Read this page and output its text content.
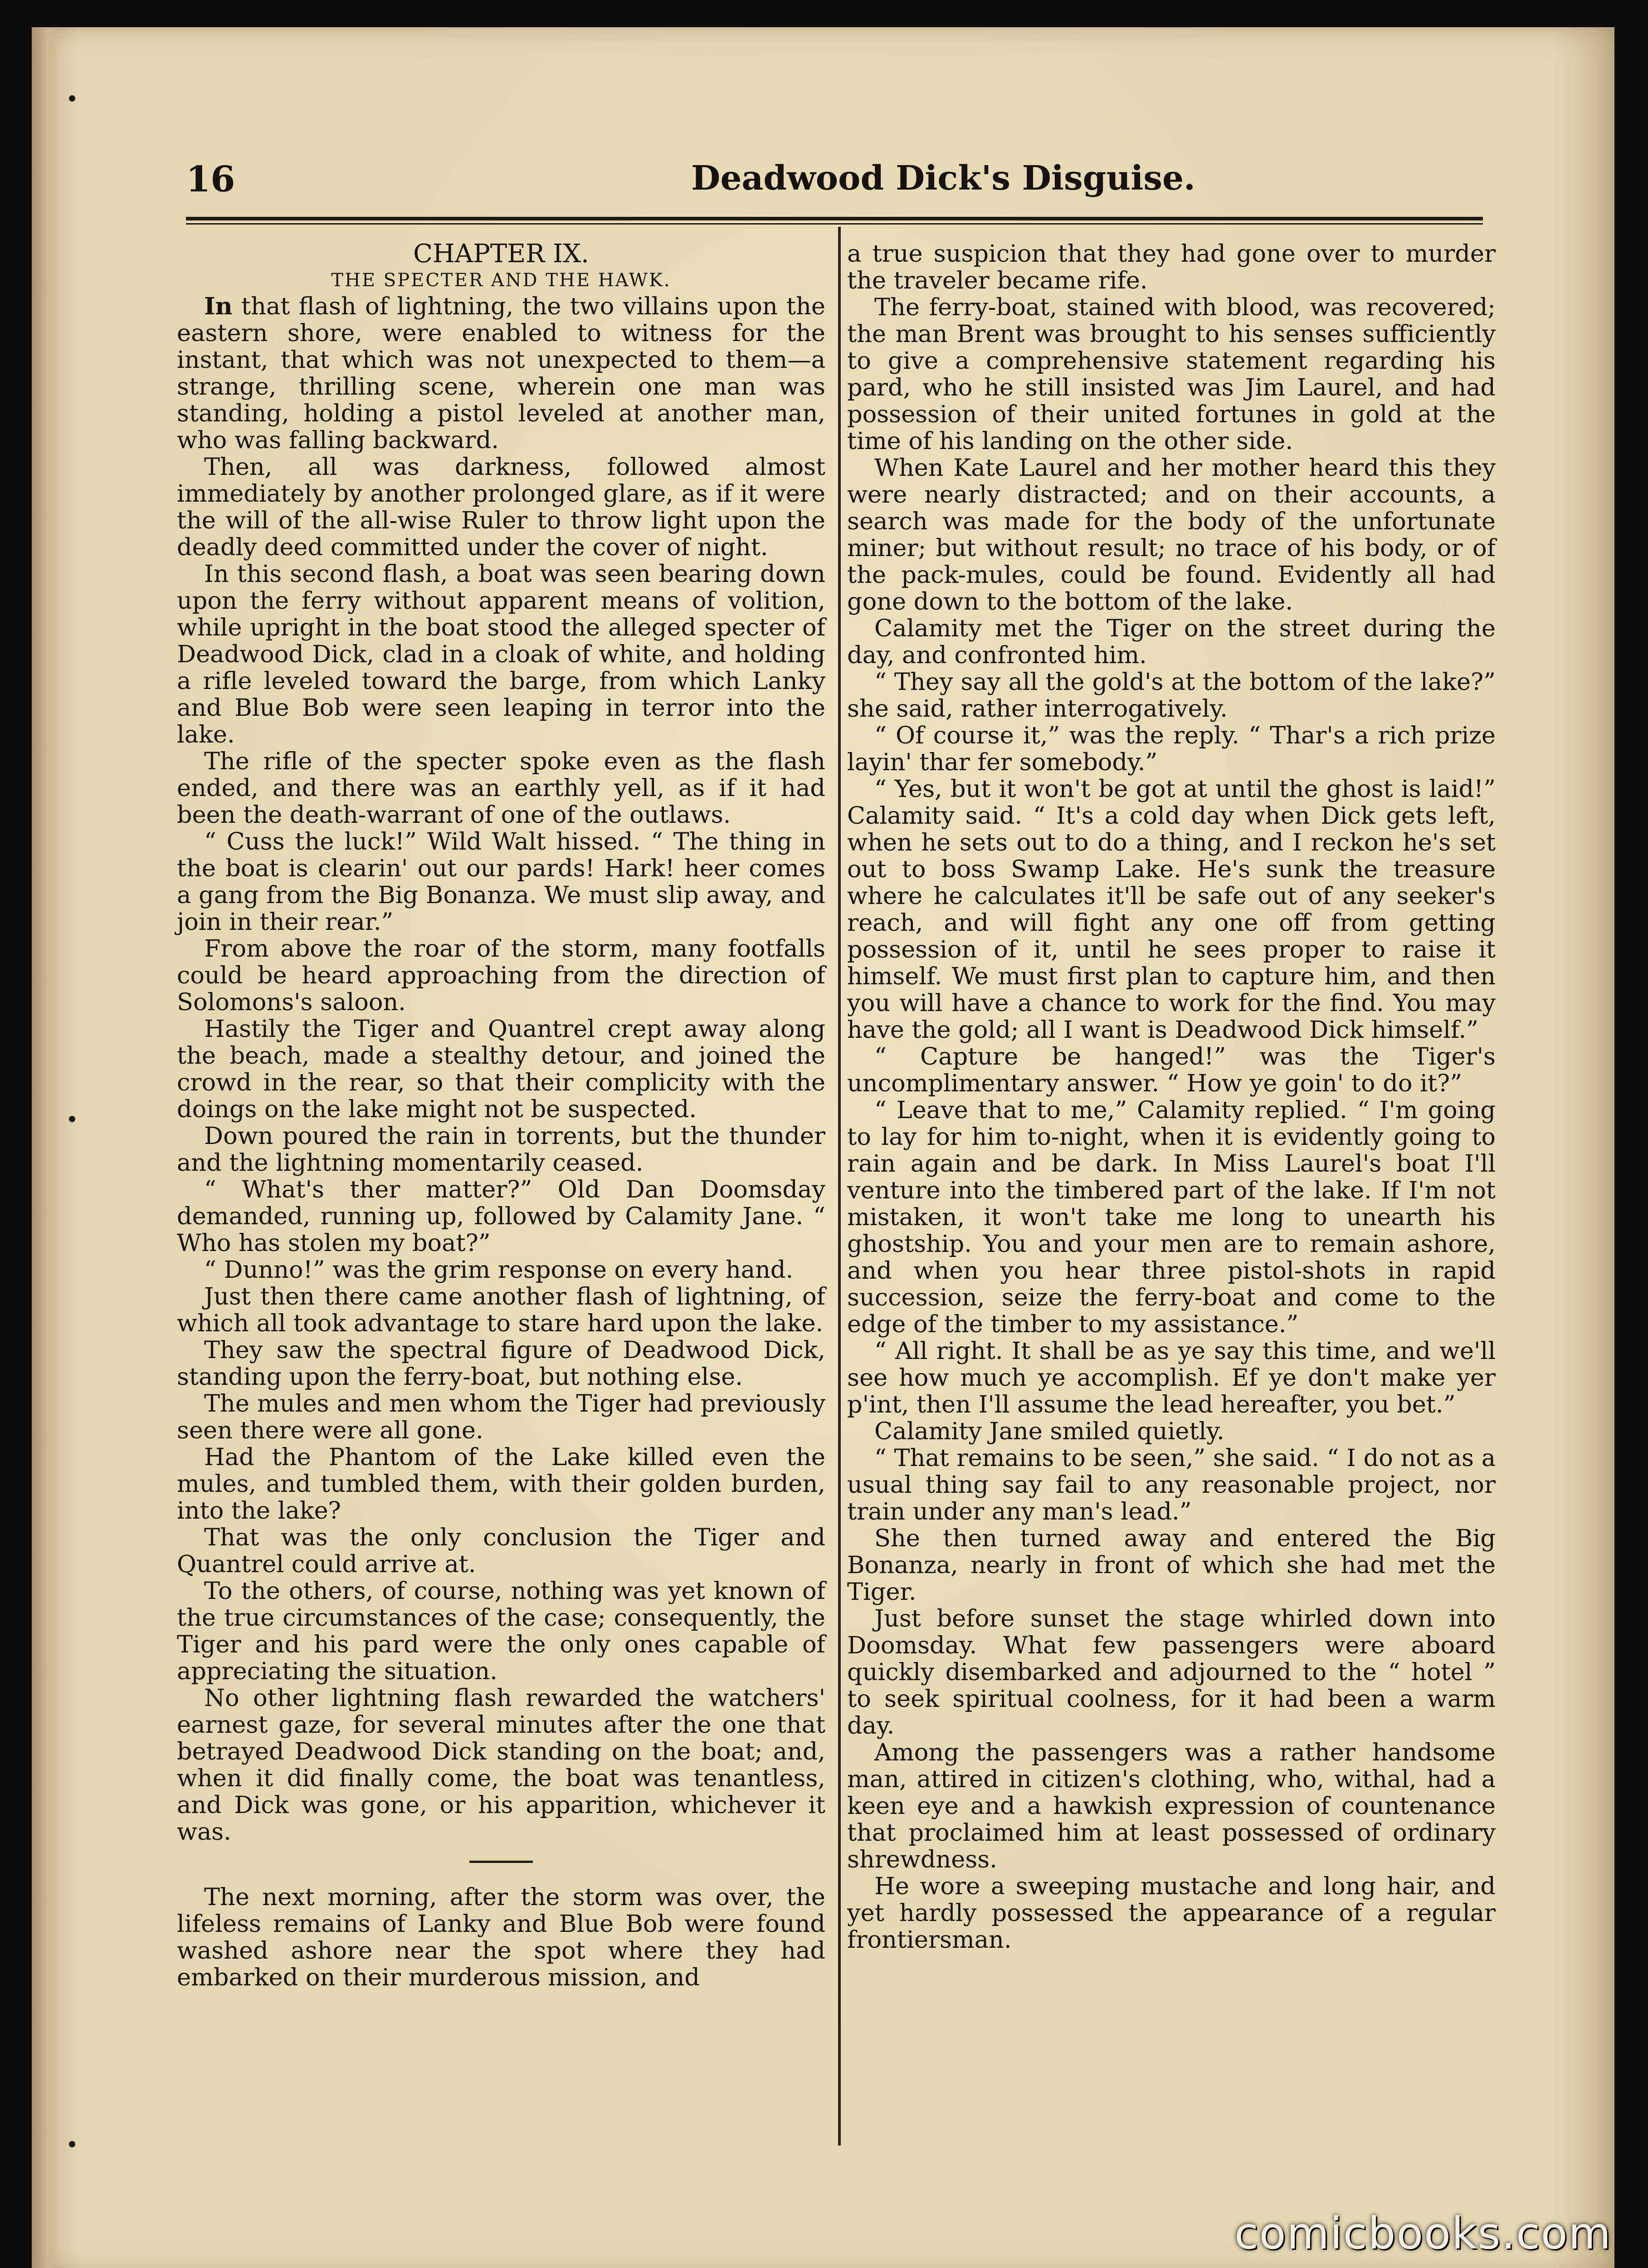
16	Deadwood Dick's Disguise.

CHAPTER IX.

THE SPECTER AND THE HAWK.

In that flash of lightning, the two villains upon the eastern shore, were enabled to witness for the instant, that which was not unexpected to them—a strange, thrilling scene, wherein one man was standing, holding a pistol leveled at another man, who was falling backward.

Then, all was darkness, followed almost immediately by another prolonged glare, as if it were the will of the all-wise Ruler to throw light upon the deadly deed committed under the cover of night.

In this second flash, a boat was seen bearing down upon the ferry without apparent means of volition, while upright in the boat stood the alleged specter of Deadwood Dick, clad in a cloak of white, and holding a rifle leveled toward the barge, from which Lanky and Blue Bob were seen leaping in terror into the lake.

The rifle of the specter spoke even as the flash ended, and there was an earthly yell, as if it had been the death-warrant of one of the outlaws.

“ Cuss the luck!” Wild Walt hissed. “ The thing in the boat is clearin' out our pards! Hark! heer comes a gang from the Big Bonanza. We must slip away, and join in their rear.”

From above the roar of the storm, many footfalls could be heard approaching from the direction of Solomons's saloon.

Hastily the Tiger and Quantrel crept away along the beach, made a stealthy detour, and joined the crowd in the rear, so that their complicity with the doings on the lake might not be suspected.

Down poured the rain in torrents, but the thunder and the lightning momentarily ceased.

“ What's ther matter?” Old Dan Doomsday demanded, running up, followed by Calamity Jane. “ Who has stolen my boat?”

“ Dunno!” was the grim response on every hand.

Just then there came another flash of lightning, of which all took advantage to stare hard upon the lake.

They saw the spectral figure of Deadwood Dick, standing upon the ferry-boat, but nothing else.

The mules and men whom the Tiger had previously seen there were all gone.

Had the Phantom of the Lake killed even the mules, and tumbled them, with their golden burden, into the lake?

That was the only conclusion the Tiger and Quantrel could arrive at.

To the others, of course, nothing was yet known of the true circumstances of the case; consequently, the Tiger and his pard were the only ones capable of appreciating the situation.

No other lightning flash rewarded the watchers' earnest gaze, for several minutes after the one that betrayed Deadwood Dick standing on the boat; and, when it did finally come, the boat was tenantless, and Dick was gone, or his apparition, whichever it was.

The next morning, after the storm was over, the lifeless remains of Lanky and Blue Bob were found washed ashore near the spot where they had embarked on their murderous mission, and

a true suspicion that they had gone over to murder the traveler became rife.

The ferry-boat, stained with blood, was recovered; the man Brent was brought to his senses sufficiently to give a comprehensive statement regarding his pard, who he still insisted was Jim Laurel, and had possession of their united fortunes in gold at the time of his landing on the other side.

When Kate Laurel and her mother heard this they were nearly distracted; and on their accounts, a search was made for the body of the unfortunate miner; but without result; no trace of his body, or of the pack-mules, could be found. Evidently all had gone down to the bottom of the lake.

Calamity met the Tiger on the street during the day, and confronted him.

“ They say all the gold's at the bottom of the lake?” she said, rather interrogatively.

“ Of course it,” was the reply. “ Thar's a rich prize layin' thar fer somebody.”

“ Yes, but it won't be got at until the ghost is laid!” Calamity said. “ It's a cold day when Dick gets left, when he sets out to do a thing, and I reckon he's set out to boss Swamp Lake. He's sunk the treasure where he calculates it'll be safe out of any seeker's reach, and will fight any one off from getting possession of it, until he sees proper to raise it himself. We must first plan to capture him, and then you will have a chance to work for the find. You may have the gold; all I want is Deadwood Dick himself.”

“ Capture be hanged!” was the Tiger's uncomplimentary answer. “ How ye goin' to do it?”

“ Leave that to me,” Calamity replied. “ I'm going to lay for him to-night, when it is evidently going to rain again and be dark. In Miss Laurel's boat I'll venture into the timbered part of the lake. If I'm not mistaken, it won't take me long to unearth his ghostship. You and your men are to remain ashore, and when you hear three pistol-shots in rapid succession, seize the ferry-boat and come to the edge of the timber to my assistance.”

“ All right. It shall be as ye say this time, and we'll see how much ye accomplish. Ef ye don't make yer p'int, then I'll assume the lead hereafter, you bet.”

Calamity Jane smiled quietly.

“ That remains to be seen,” she said. “ I do not as a usual thing say fail to any reasonable project, nor train under any man's lead.”

She then turned away and entered the Big Bonanza, nearly in front of which she had met the Tiger.

Just before sunset the stage whirled down into Doomsday. What few passengers were aboard quickly disembarked and adjourned to the “ hotel ” to seek spiritual coolness, for it had been a warm day.

Among the passengers was a rather handsome man, attired in citizen's clothing, who, withal, had a keen eye and a hawkish expression of countenance that proclaimed him at least possessed of ordinary shrewdness.

He wore a sweeping mustache and long hair, and yet hardly possessed the appearance of a regular frontiersman.

comicbooks.com
